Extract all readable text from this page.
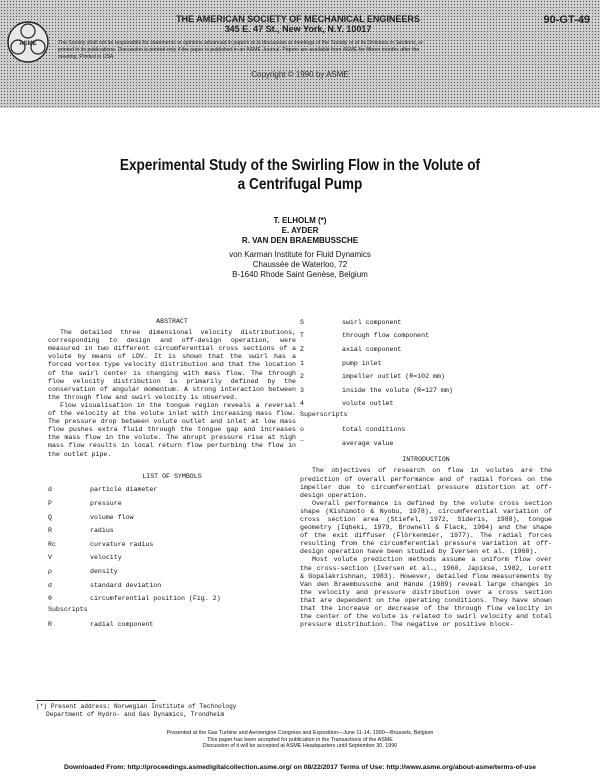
ASME
THE AMERICAN SOCIETY OF MECHANICAL ENGINEERS
345 E. 47 St., New York, N.Y. 10017
90-GT-49
The Society shall not be responsible for statements or opinions advanced in papers or in discussion at meetings of the Society or of its Divisions or Sections, or printed in its publications. Discussion is printed only if the paper is published in an ASME Journal. Papers are available from ASME for fifteen months after the meeting. Printed in USA.
Copyright © 1990 by ASME
Experimental Study of the Swirling Flow in the Volute of
a Centrifugal Pump
T. ELHOLM (*)
E. AYDER
R. VAN DEN BRAEMBUSSCHE
von Karman Institute for Fluid Dynamics
Chaussée de Waterloo, 72
B-1640 Rhode Saint Genèse, Belgium
ABSTRACT
The detailed three dimensional velocity distributions, corresponding to design and off-design operation, were measured in two different circumferential cross sections of a volute by means of LDV. It is shown that the swirl has a forced vortex type velocity distribution and that the location of the swirl center is changing with mass flow. The through flow velocity distribution is primarily defined by the conservation of angular momentum. A strong interaction between the through flow and swirl velocity is observed.
Flow visualisation in the tongue region reveals a reversal of the velocity at the volute inlet with increasing mass flow. The pressure drop between volute outlet and inlet at low mass flow pushes extra fluid through the tongue gap and increases the mass flow in the volute. The abrupt pressure rise at high mass flow results in local return flow perturbing the flow in the outlet pipe.
LIST OF SYMBOLS
d	particle diameter
P	pressure
Q	volume flow
R	radius
Rc	curvature radius
V	velocity
ρ	density
σ	standard deviation
θ	circumferential position (Fig. 2)
Subscripts
R	radial component
S	swirl component
T	through flow component
Z	axial component
1	pump inlet
2	impeller outlet (R=102 mm)
3	inside the volute (R=127 mm)
4	volute outlet
Superscripts
o	total conditions
‾	average value
INTRODUCTION
The objectives of research on flow in volutes are the prediction of overall performance and of radial forces on the impeller due to circumferential pressure distortion at off-design operation.
Overall performance is defined by the volute cross section shape (Kishimoto & Nyobu, 1978), circumferential variation of cross section area (Stiefel, 1972, Sideris, 1988), tongue geometry (Iqbeki, 1979, Brownell & Flack, 1984) and the shape of the exit diffuser (Flörkenmier, 1977). The radial forces resulting from the circumferential pressure variation at off-design operation have been studied by Iversen et al. (1960).
Most volute prediction methods assume a uniform flow over the cross-section (Iversen et al., 1960, Japikse, 1982, Lorett & Gopalakrishnan, 1983). However, detailed flow measurements by Van den Braembussche and Hände (1989) reveal large changes in the velocity and pressure distribution over a cross section that are dependent on the operating conditions. They have shown that the increase or decrease of the through flow velocity in the center of the volute is related to swirl velocity and total pressure distribution. The negative or positive block-
(*) Present address: Norwegian Institute of Technology
Department of Hydro- and Gas Dynamics, Trondheim
Presented at the Gas Turbine and Aeroengine Congress and Exposition—June 11-14, 1990—Brussels, Belgium
This paper has been accepted for publication in the Transactions of the ASME
Discussion of it will be accepted at ASME Headquarters until September 30, 1990
Downloaded From: http://proceedings.asmedigitalcollection.asme.org/ on 08/22/2017 Terms of Use: http://www.asme.org/about-asme/terms-of-use
